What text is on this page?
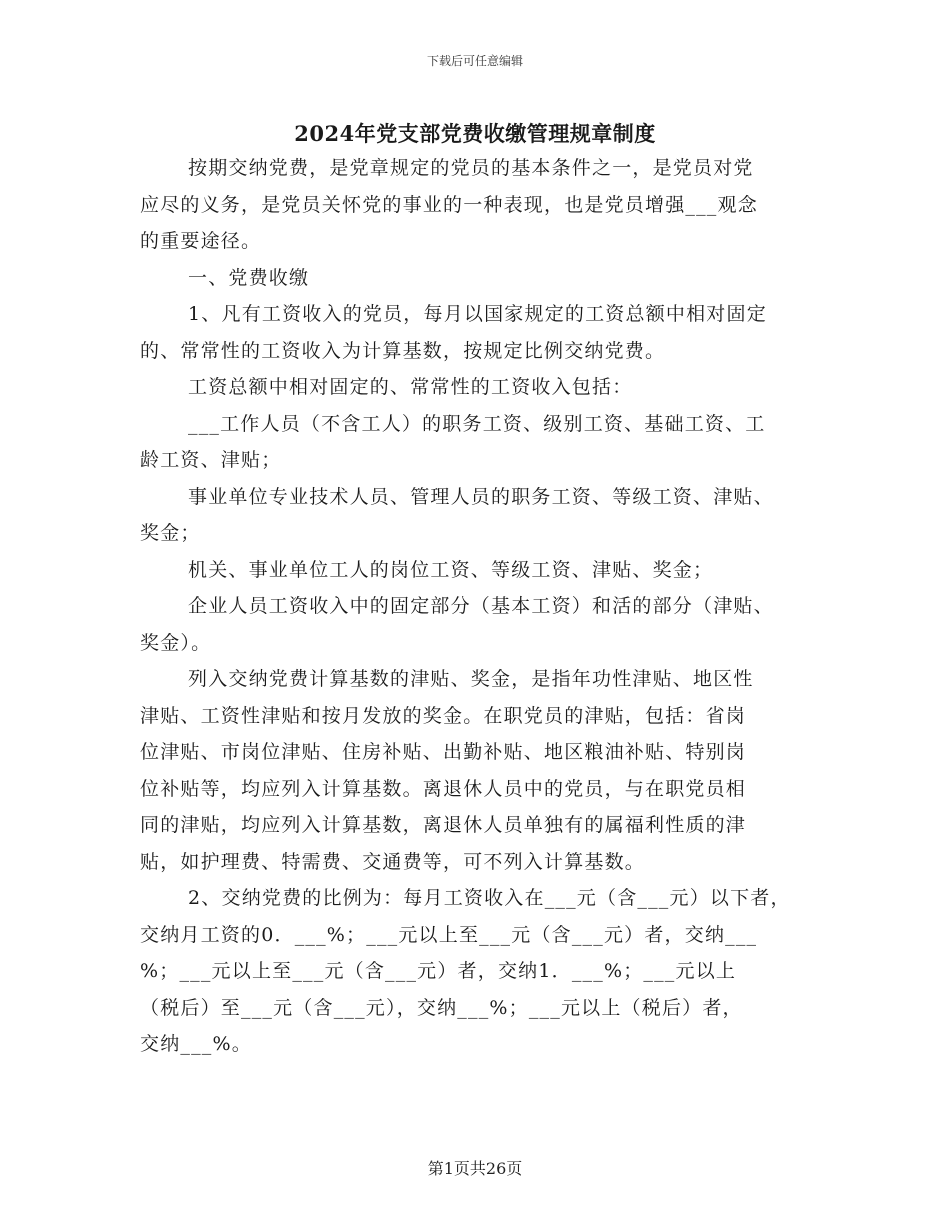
下载后可任意编辑
2024年党支部党费收缴管理规章制度
按期交纳党费，是党章规定的党员的基本条件之一，是党员对党
应尽的义务，是党员关怀党的事业的一种表现，也是党员增强___观念
的重要途径。
一、党费收缴
1、凡有工资收入的党员，每月以国家规定的工资总额中相对固定
的、常常性的工资收入为计算基数，按规定比例交纳党费。
工资总额中相对固定的、常常性的工资收入包括：
___工作人员（不含工人）的职务工资、级别工资、基础工资、工
龄工资、津贴；
事业单位专业技术人员、管理人员的职务工资、等级工资、津贴、
奖金；
机关、事业单位工人的岗位工资、等级工资、津贴、奖金；
企业人员工资收入中的固定部分（基本工资）和活的部分（津贴、
奖金）。
列入交纳党费计算基数的津贴、奖金，是指年功性津贴、地区性
津贴、工资性津贴和按月发放的奖金。在职党员的津贴，包括：省岗
位津贴、市岗位津贴、住房补贴、出勤补贴、地区粮油补贴、特别岗
位补贴等，均应列入计算基数。离退休人员中的党员，与在职党员相
同的津贴，均应列入计算基数，离退休人员单独有的属福利性质的津
贴，如护理费、特需费、交通费等，可不列入计算基数。
2、交纳党费的比例为：每月工资收入在___元（含___元）以下者，
交纳月工资的0．___%；___元以上至___元（含___元）者，交纳___
%；___元以上至___元（含___元）者，交纳1．___%；___元以上
（税后）至___元（含___元），交纳___%；___元以上（税后）者，
交纳___%。
第1页共26页
